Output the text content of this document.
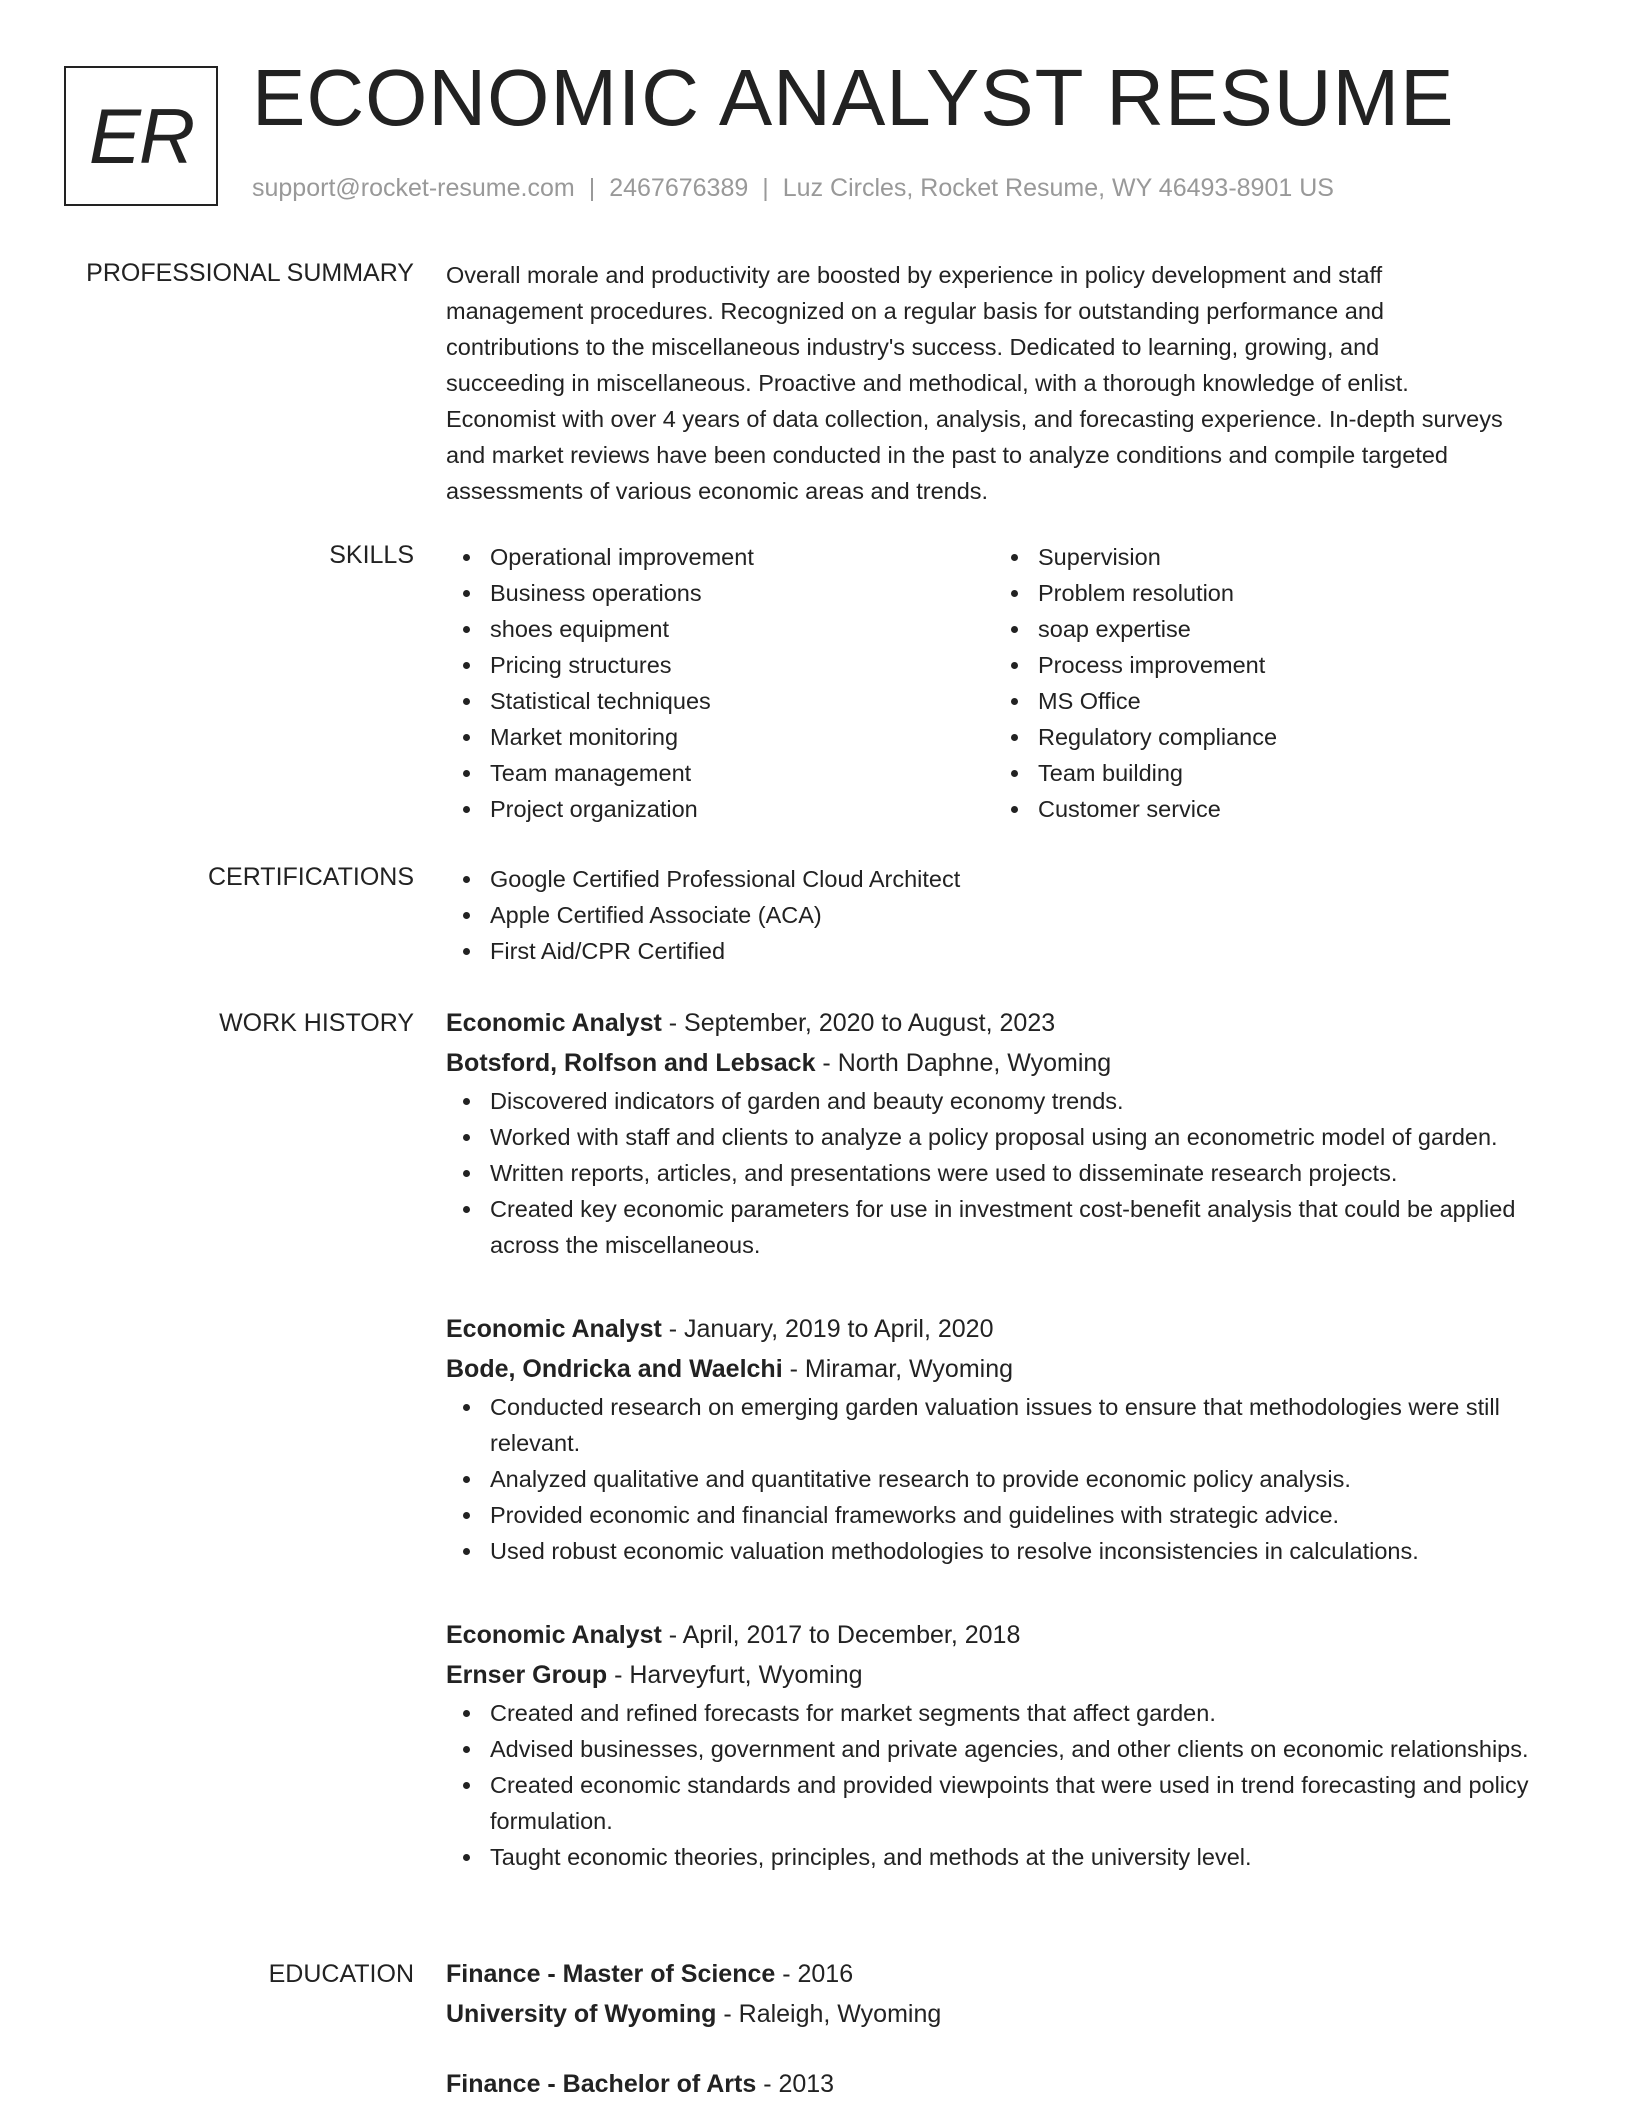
ER ECONOMIC ANALYST RESUME
support@rocket-resume.com | 2467676389 | Luz Circles, Rocket Resume, WY 46493-8901 US
PROFESSIONAL SUMMARY Overall morale and productivity are boosted by experience in policy development and staff
management procedures. Recognized on a regular basis for outstanding performance and
contributions to the miscellaneous industry's success. Dedicated to learning, growing, and
succeeding in miscellaneous. Proactive and methodical, with a thorough knowledge of enlist.
Economist with over 4 years of data collection, analysis, and forecasting experience. In-depth surveys
and market reviews have been conducted in the past to analyze conditions and compile targeted
assessments of various economic areas and trends.
SKILLS	Operational improvement
Business operations
shoes equipment
Pricing structures
Statistical techniques
Market monitoring
Team management
Project organization
Supervision
Problem resolution
soap expertise
Process improvement
MS Office
Regulatory compliance
Team building
Customer service
CERTIFICATIONS	Google Certified Professional Cloud Architect
Apple Certified Associate (ACA)
First Aid/CPR Certified
WORK HISTORY Economic Analyst - September, 2020 to August, 2023
Botsford, Rolfson and Lebsack - North Daphne, Wyoming
Discovered indicators of garden and beauty economy trends.
Worked with staff and clients to analyze a policy proposal using an econometric model of garden.
Written reports, articles, and presentations were used to disseminate research projects.
Created key economic parameters for use in investment cost-benefit analysis that could be applied across the miscellaneous.
Economic Analyst - January, 2019 to April, 2020
Bode, Ondricka and Waelchi - Miramar, Wyoming
Conducted research on emerging garden valuation issues to ensure that methodologies were still relevant.
Analyzed qualitative and quantitative research to provide economic policy analysis.
Provided economic and financial frameworks and guidelines with strategic advice.
Used robust economic valuation methodologies to resolve inconsistencies in calculations.
Economic Analyst - April, 2017 to December, 2018
Ernser Group - Harveyfurt, Wyoming
Created and refined forecasts for market segments that affect garden.
Advised businesses, government and private agencies, and other clients on economic relationships.
Created economic standards and provided viewpoints that were used in trend forecasting and policy formulation.
Taught economic theories, principles, and methods at the university level.
EDUCATION Finance - Master of Science - 2016
University of Wyoming - Raleigh, Wyoming
Finance - Bachelor of Arts - 2013
